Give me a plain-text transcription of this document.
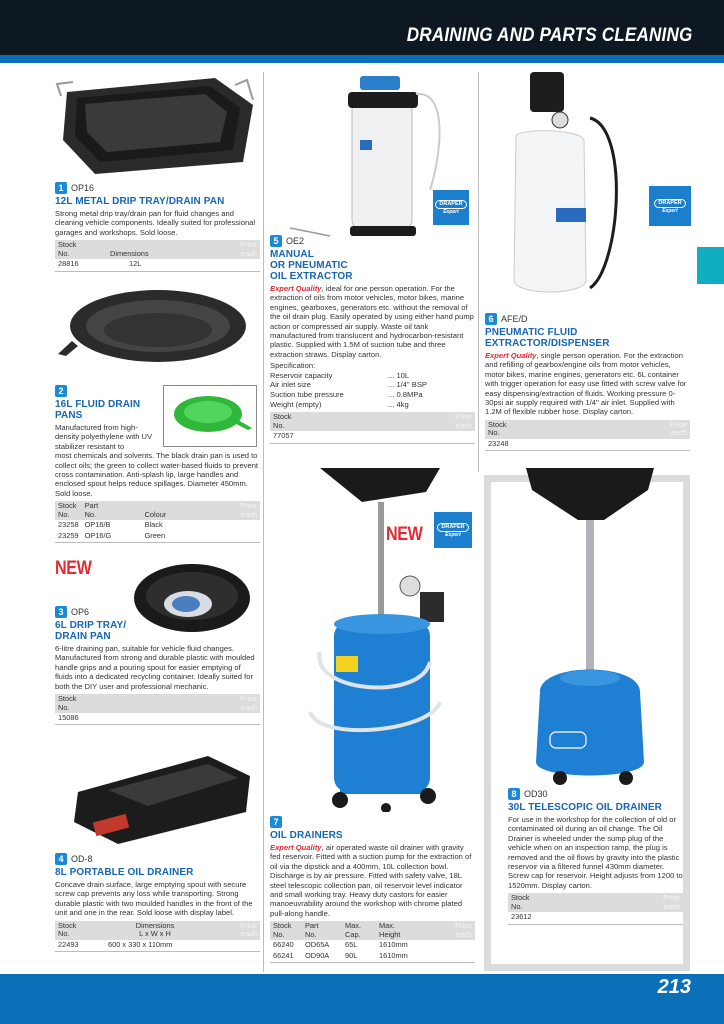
DRAINING AND PARTS CLEANING
1 OP16
12L METAL DRIP TRAY/DRAIN PAN
Strong metal drip tray/drain pan for fluid changes and cleaning vehicle components. Ideally suited for professional garages and workshops. Sold loose.
Stock
No.	Dimensions	Price
each
28816	12L	
2
16L FLUID DRAIN PANS
Manufactured from high-density polyethylene with UV stabilizer resistant to
most chemicals and solvents. The black drain pan is used to collect oils; the green to collect water-based fluids to prevent cross contamination. Anti-splash lip, large handles and enclosed spout helps reduce spillages. Diameter 450mm. Sold loose.
Stock
No.	Part
No.	Colour	Price
each
23258	OP16/B	Black	
23259	OP16/G	Green	
NEW
3 OP6
6L DRIP TRAY/
DRAIN PAN
6-litre draining pan, suitable for vehicle fluid changes. Manufactured from strong and durable plastic with moulded handle grips and a pouring spout for easier emptying of fluids into a dedicated recycling container. Ideally suited for both the DIY user and professional mechanic.
Stock
No.	Price
each
15086	
4 OD-8
8L PORTABLE OIL DRAINER
Concave drain surface, large emptying spout with secure screw cap prevents any loss while transporting. Strong durable plastic with two moulded handles in the front of the unit and one in the rear. Sold loose with display label.
Stock
No.	Dimensions
L x W x H	Price
each
22493	600 x 330 x 110mm	
DRAPER
Expert
5 OE2
MANUAL
OR PNEUMATIC
OIL EXTRACTOR
Expert Quality, ideal for one person operation. For the extraction of oils from motor vehicles, motor bikes, marine engines, gearboxes, generators etc. without the removal of the oil drain plug. Easily operated by using either hand pump action or compressed air supply. Waste oil tank manufactured from translucent and hydrocarbon-resistant plastic. Supplied with 1.5M of suction tube and three extraction straws. Display carton.
Specification:
Reservoir capacity	... 10L
Air inlet size	... 1/4" BSP
Suction tube pressure	... 0.8MPa
Weight (empty)	... 4kg
Stock
No.	Price
each
77057	
NEW	DRAPER
Expert
7
OIL DRAINERS
Expert Quality, air operated waste oil drainer with gravity fed reservoir. Fitted with a suction pump for the extraction of oil via the dipstick and a 400mm, 10L collection bowl. Discharge is by air pressure. Fitted with safety valve, 18L steel telescopic collection pan, oil reservoir level indicator and small working tray. Heavy duty castors for easier manoeuvrability around the workshop with chrome plated pull-along handle.
Stock
No.	Part
No.	Max.
Cap.	Max.
Height	Price
each
66240	OD65A	65L	1610mm	
66241	OD90A	90L	1610mm	
DRAPER
Expert
6 AFE/D
PNEUMATIC FLUID EXTRACTOR/DISPENSER
Expert Quality, single person operation. For the extraction and refilling of gearbox/engine oils from motor vehicles, motor bikes, marine engines, generators etc. 6L container with trigger operation for easy use fitted with screw valve for easy dispensing/extraction of fluids. Working pressure 0-30psi air supply required with 1/4" air inlet. Supplied with 1.2M of flexible rubber hose. Display carton.
Stock
No.	Price
each
23248	
8 OD30
30L TELESCOPIC OIL DRAINER
For use in the workshop for the collection of old or contaminated oil during an oil change. The Oil Drainer is wheeled under the sump plug of the vehicle when on an inspection ramp, the plug is removed and the oil flows by gravity into the plastic reservoir via a filtered funnel 430mm diameter. Screw cap for reservoir. Height adjusts from 1200 to 1520mm. Display carton.
Stock
No.	Price
each
23612	
213
